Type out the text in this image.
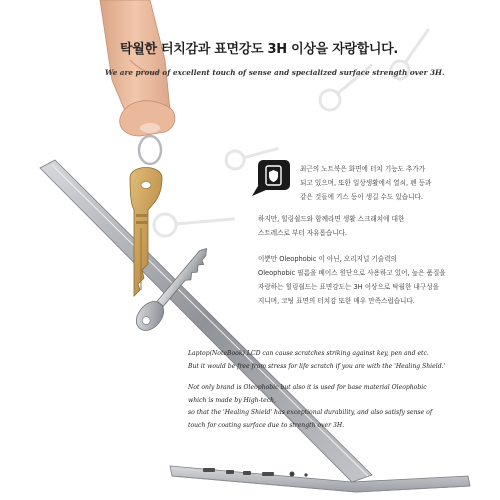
탁월한 터치감과 표면강도 3H 이상을 자랑합니다.
We are proud of excellent touch of sense and specialized surface strength over 3H.
최근의 노트북은 화면에 터치 기능도 추가가
되고 있으며, 또한 일상생활에서 열쇠, 펜 등과
같은 것들에 기스 등이 생길 수도 있습니다.
하지만, 힐링쉴드와 함께라면 생활 스크래치에 대한
스트레스로 부터 자유롭습니다.
이뿐만 Oleophobic 이 아닌, 오리지널 기술력의
Oleophobic 필름을 베이스 원단으로 사용하고 있어, 높은 품질을
자랑하는 힐링쉴드는 표면강도는 3H 이상으로 탁월한 내구성을
지니며, 코팅 표면의 터치감 또한 매우 만족스럽습니다.
Laptop(NoteBook) LCD can cause scratches striking against key, pen and etc.
But it would be free from stress for life scratch if you are with the 'Healing Shield.'
Not only brand is Oleophobic but also it is used for base material Oleophobic
which is made by High-tech,
so that the 'Healing Shield' has exceptional durability, and also satisfy sense of
touch for coating surface due to strength over 3H.
